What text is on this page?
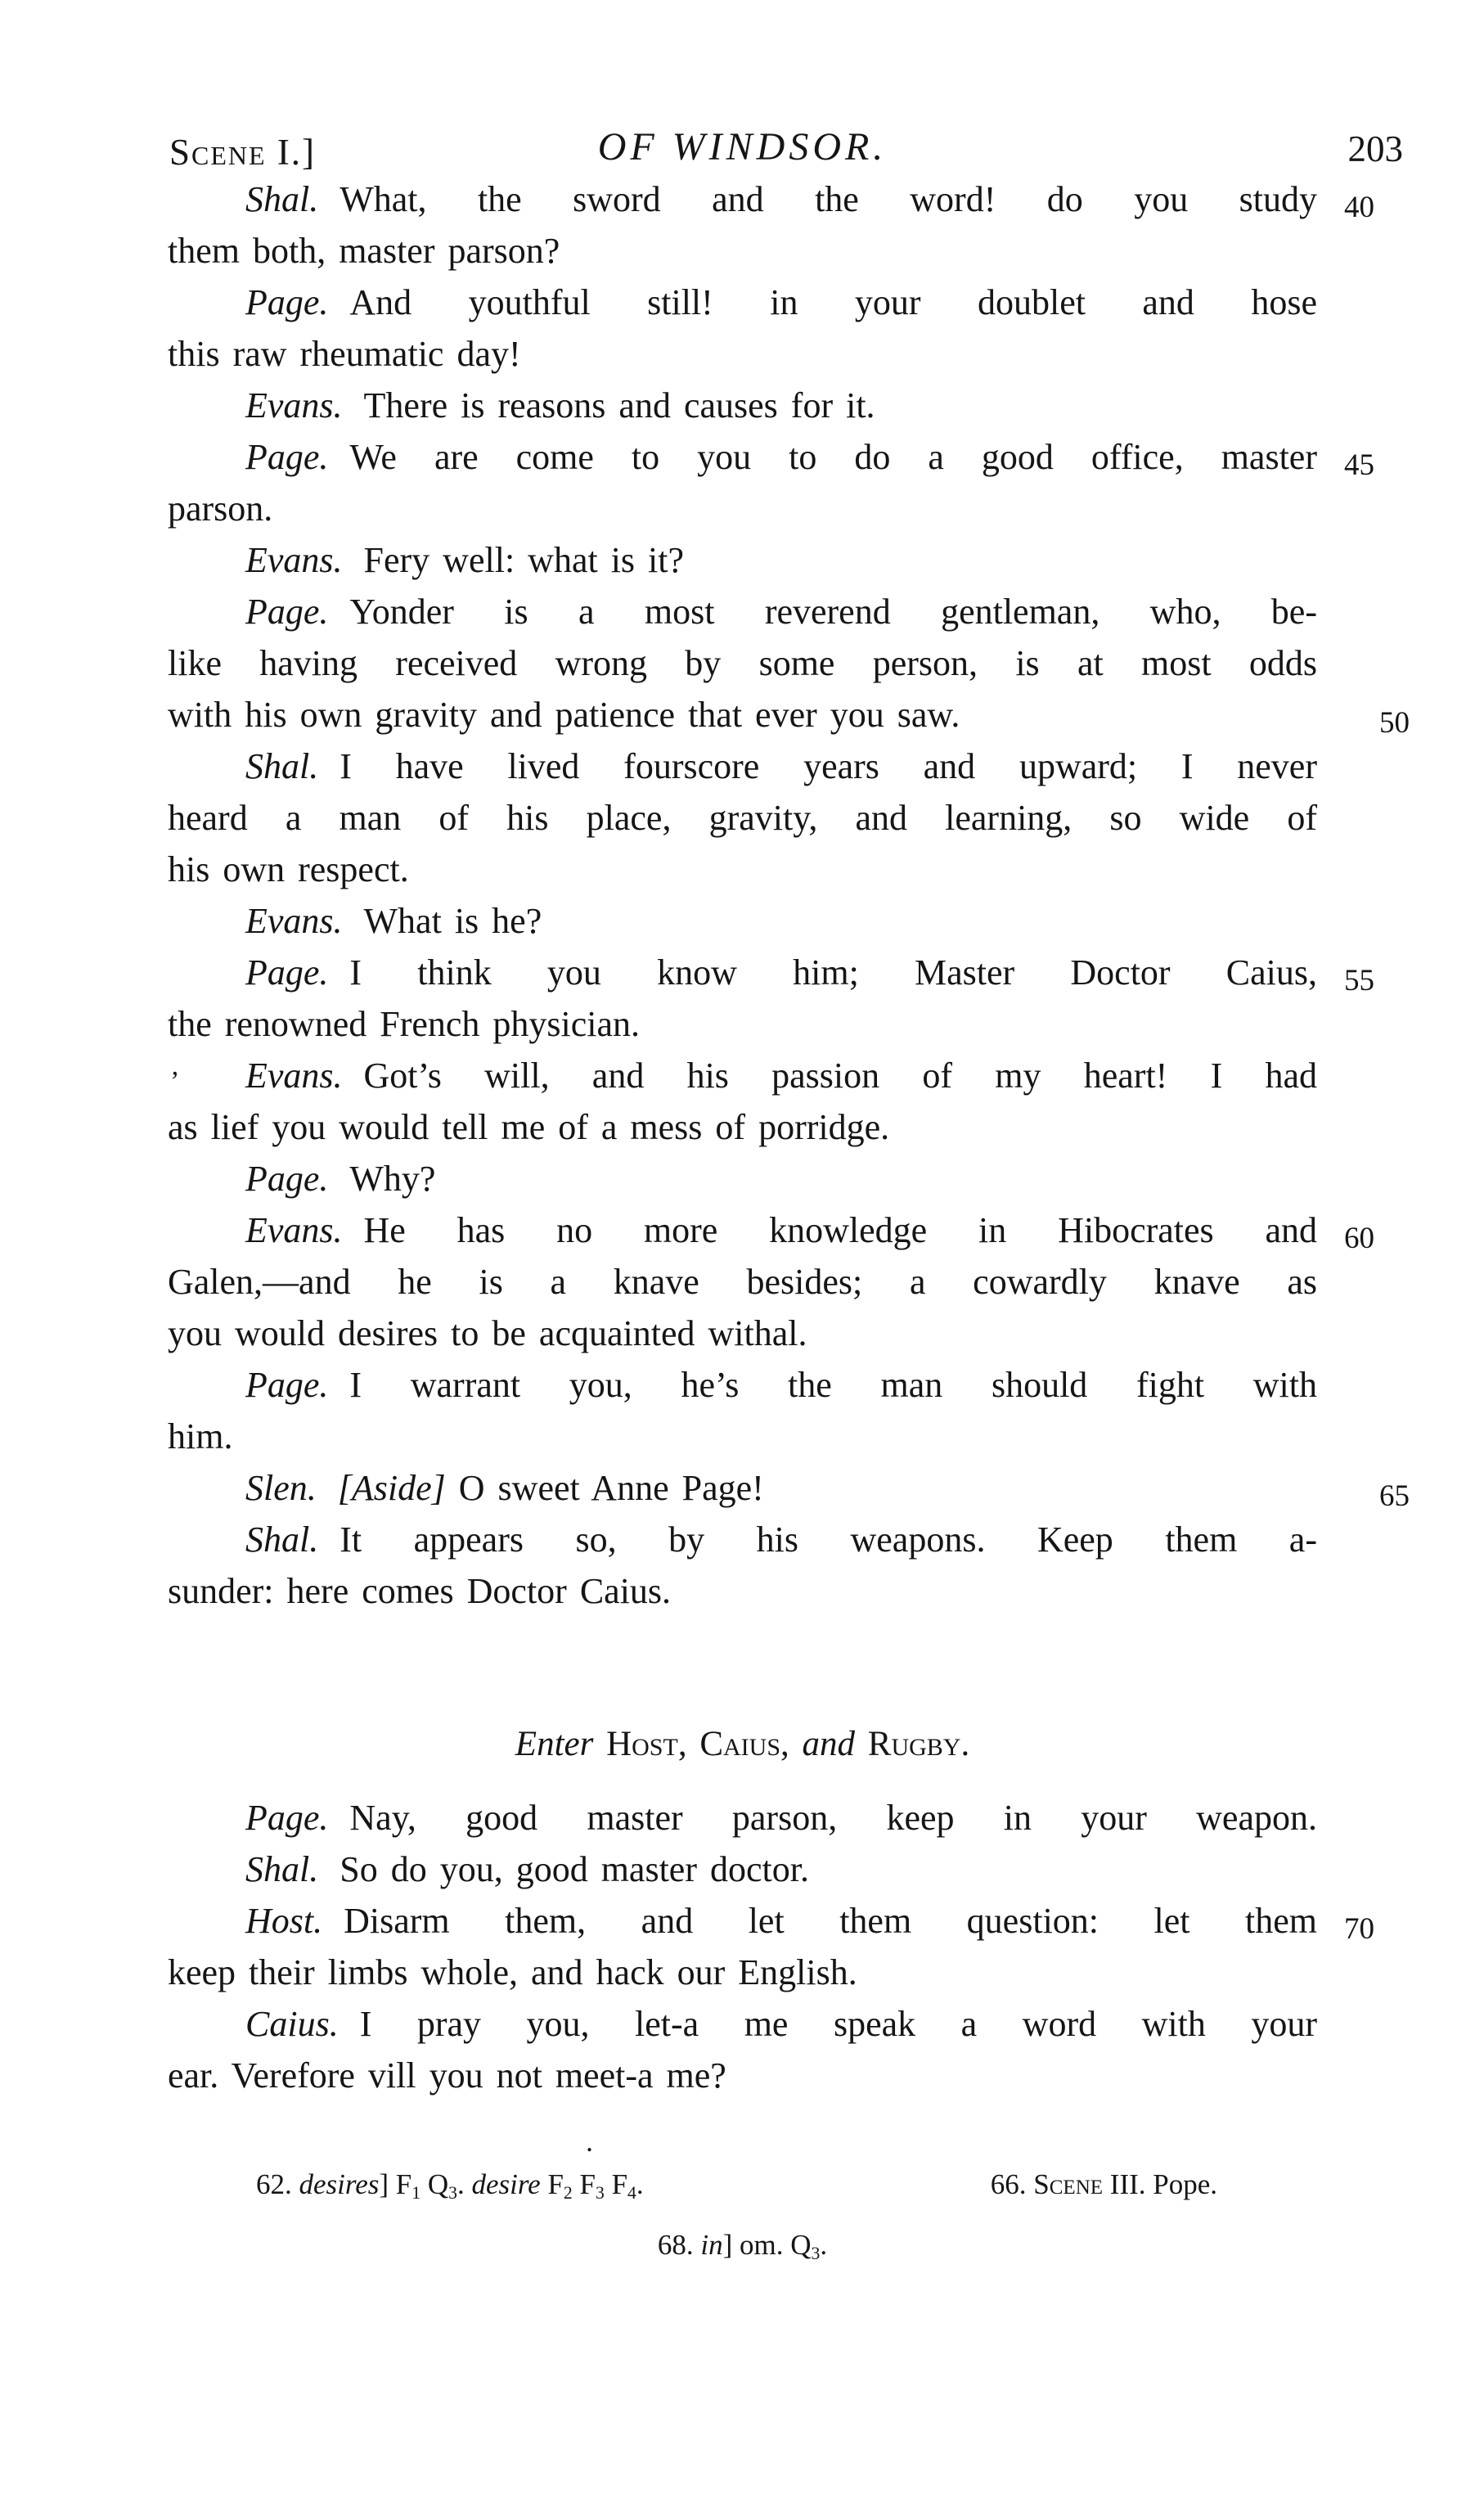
Scene I.]	OF WINDSOR.	203
Shal. What, the sword and the word! do you study 40
them both, master parson?
Page. And youthful still! in your doublet and hose
this raw rheumatic day!
Evans. There is reasons and causes for it.
Page. We are come to you to do a good office, master 45
parson.
Evans. Fery well: what is it?
Page. Yonder is a most reverend gentleman, who, be-
like having received wrong by some person, is at most odds
with his own gravity and patience that ever you saw.	50
Shal. I have lived fourscore years and upward; I never
heard a man of his place, gravity, and learning, so wide of
his own respect.
Evans. What is he?
Page. I think you know him; Master Doctor Caius, 55
the renowned French physician.
Evans. Got’s will, and his passion of my heart! I had
as lief you would tell me of a mess of porridge.
Page. Why?
Evans. He has no more knowledge in Hibocrates and 60
Galen,—and he is a knave besides; a cowardly knave as
you would desires to be acquainted withal.
Page. I warrant you, he’s the man should fight with
him.
Slen. [Aside] O sweet Anne Page!	65
Shal. It appears so, by his weapons. Keep them a-
sunder: here comes Doctor Caius.
Enter Host, Caius, and Rugby.
Page. Nay, good master parson, keep in your weapon.
Shal. So do you, good master doctor.
Host. Disarm them, and let them question: let them 70
keep their limbs whole, and hack our English.
Caius. I pray you, let-a me speak a word with your
ear. Verefore vill you not meet-a me?
’
.
62. desires] $F_1$ $Q_3$. desire $F_2$ $F_3$ $F_4$.	66. Scene III. Pope.
68. in] om. $Q_3$.
